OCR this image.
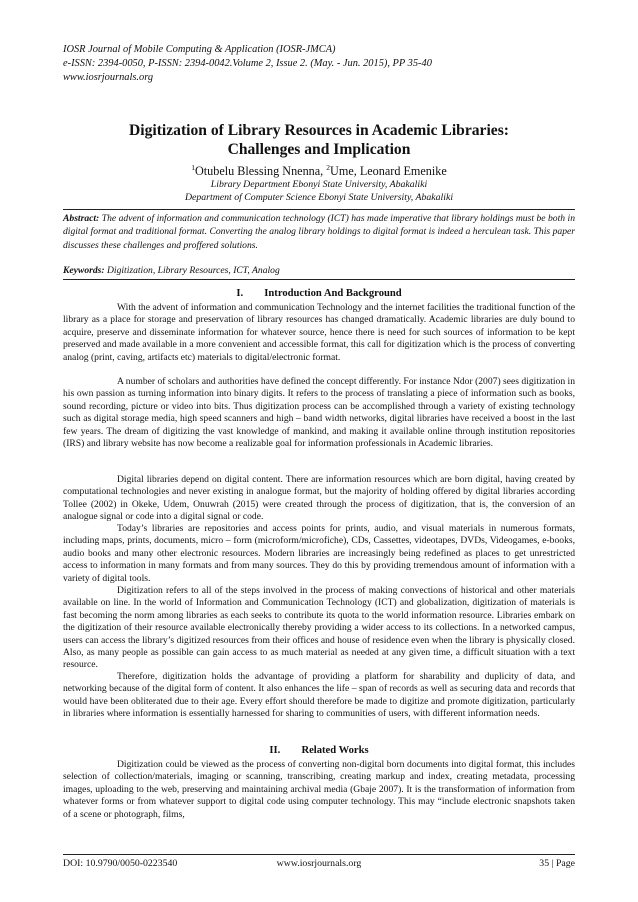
IOSR Journal of Mobile Computing & Application (IOSR-JMCA)
e-ISSN: 2394-0050, P-ISSN: 2394-0042.Volume 2, Issue 2. (May. - Jun. 2015), PP 35-40
www.iosrjournals.org
Digitization of Library Resources in Academic Libraries:
Challenges and Implication
$^1$Otubelu Blessing Nnenna, $^2$Ume, Leonard Emenike
Library Department Ebonyi State University, Abakaliki
Department of Computer Science Ebonyi State University, Abakaliki
Abstract: The advent of information and communication technology (ICT) has made imperative that library holdings must be both in digital format and traditional format. Converting the analog library holdings to digital format is indeed a herculean task. This paper discusses these challenges and proffered solutions.
Keywords: Digitization, Library Resources, ICT, Analog
I.  Introduction And Background

With the advent of information and communication Technology and the internet facilities the traditional function of the library as a place for storage and preservation of library resources has changed dramatically. Academic libraries are duly bound to acquire, preserve and disseminate information for whatever source, hence there is need for such sources of information to be kept preserved and made available in a more convenient and accessible format, this call for digitization which is the process of converting analog (print, caving, artifacts etc) materials to digital/electronic format.

A number of scholars and authorities have defined the concept differently. For instance Ndor (2007) sees digitization in his own passion as turning information into binary digits. It refers to the process of translating a piece of information such as books, sound recording, picture or video into bits. Thus digitization process can be accomplished through a variety of existing technology such as digital storage media, high speed scanners and high – band width networks, digital libraries have received a boost in the last few years. The dream of digitizing the vast knowledge of mankind, and making it available online through institution repositories (IRS) and library website has now become a realizable goal for information professionals in Academic libraries.

Digital libraries depend on digital content. There are information resources which are born digital, having created by computational technologies and never existing in analogue format, but the majority of holding offered by digital libraries according Tollee (2002) in Okeke, Udem, Onuwrah (2015) were created through the process of digitization, that is, the conversion of an analogue signal or code into a digital signal or code.

Today’s libraries are repositories and access points for prints, audio, and visual materials in numerous formats, including maps, prints, documents, micro – form (microform/microfiche), CDs, Cassettes, videotapes, DVDs, Videogames, e-books, audio books and many other electronic resources. Modern libraries are increasingly being redefined as places to get unrestricted access to information in many formats and from many sources. They do this by providing tremendous amount of information with a variety of digital tools.

Digitization refers to all of the steps involved in the process of making convections of historical and other materials available on line. In the world of Information and Communication Technology (ICT) and globalization, digitization of materials is fast becoming the norm among libraries as each seeks to contribute its quota to the world information resource. Libraries embark on the digitization of their resource available electronically thereby providing a wider access to its collections. In a networked campus, users can access the library’s digitized resources from their offices and house of residence even when the library is physically closed. Also, as many people as possible can gain access to as much material as needed at any given time, a difficult situation with a text resource.

Therefore, digitization holds the advantage of providing a platform for sharability and duplicity of data, and networking because of the digital form of content. It also enhances the life – span of records as well as securing data and records that would have been obliterated due to their age. Every effort should therefore be made to digitize and promote digitization, particularly in libraries where information is essentially harnessed for sharing to communities of users, with different information needs.

II.  Related Works

Digitization could be viewed as the process of converting non-digital born documents into digital format, this includes selection of collection/materials, imaging or scanning, transcribing, creating markup and index, creating metadata, processing images, uploading to the web, preserving and maintaining archival media (Gbaje 2007). It is the transformation of information from whatever forms or from whatever support to digital code using computer technology. This may “include electronic snapshots taken of a scene or photograph, films,

DOI: 10.9790/0050-0223540	www.iosrjournals.org	35 | Page
